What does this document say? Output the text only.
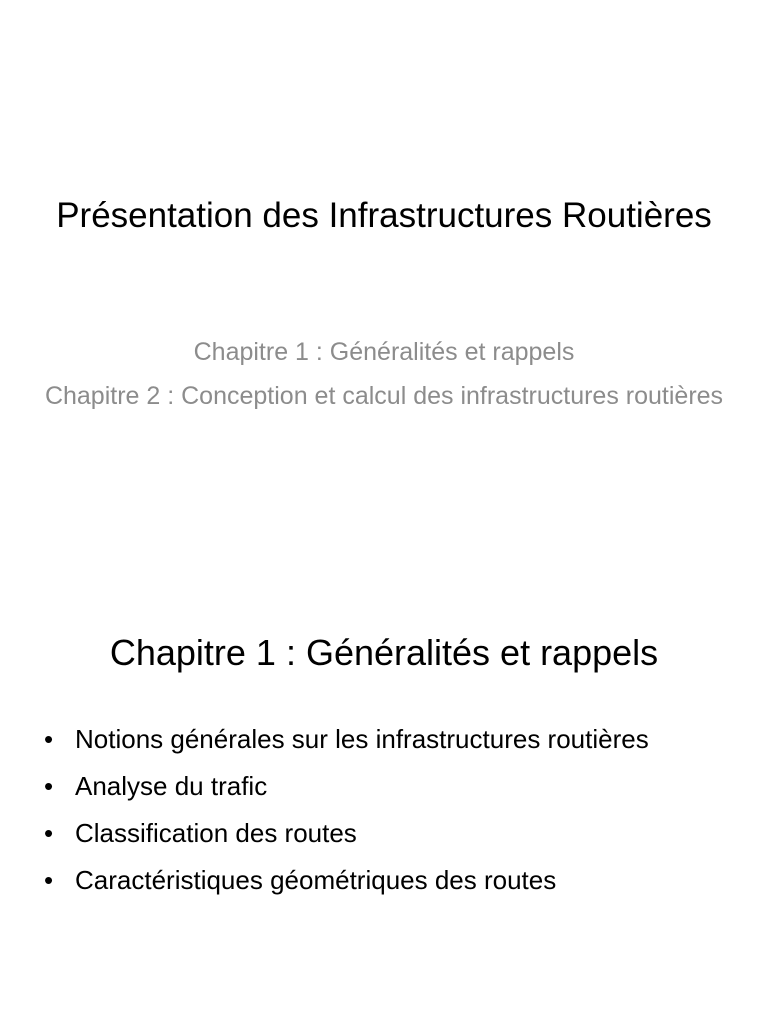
Présentation des Infrastructures Routières
Chapitre 1 : Généralités et rappels
Chapitre 2 : Conception et calcul des infrastructures routières
Chapitre 1 : Généralités et rappels
• Notions générales sur les infrastructures routières
• Analyse du trafic
• Classification des routes
• Caractéristiques géométriques des routes
